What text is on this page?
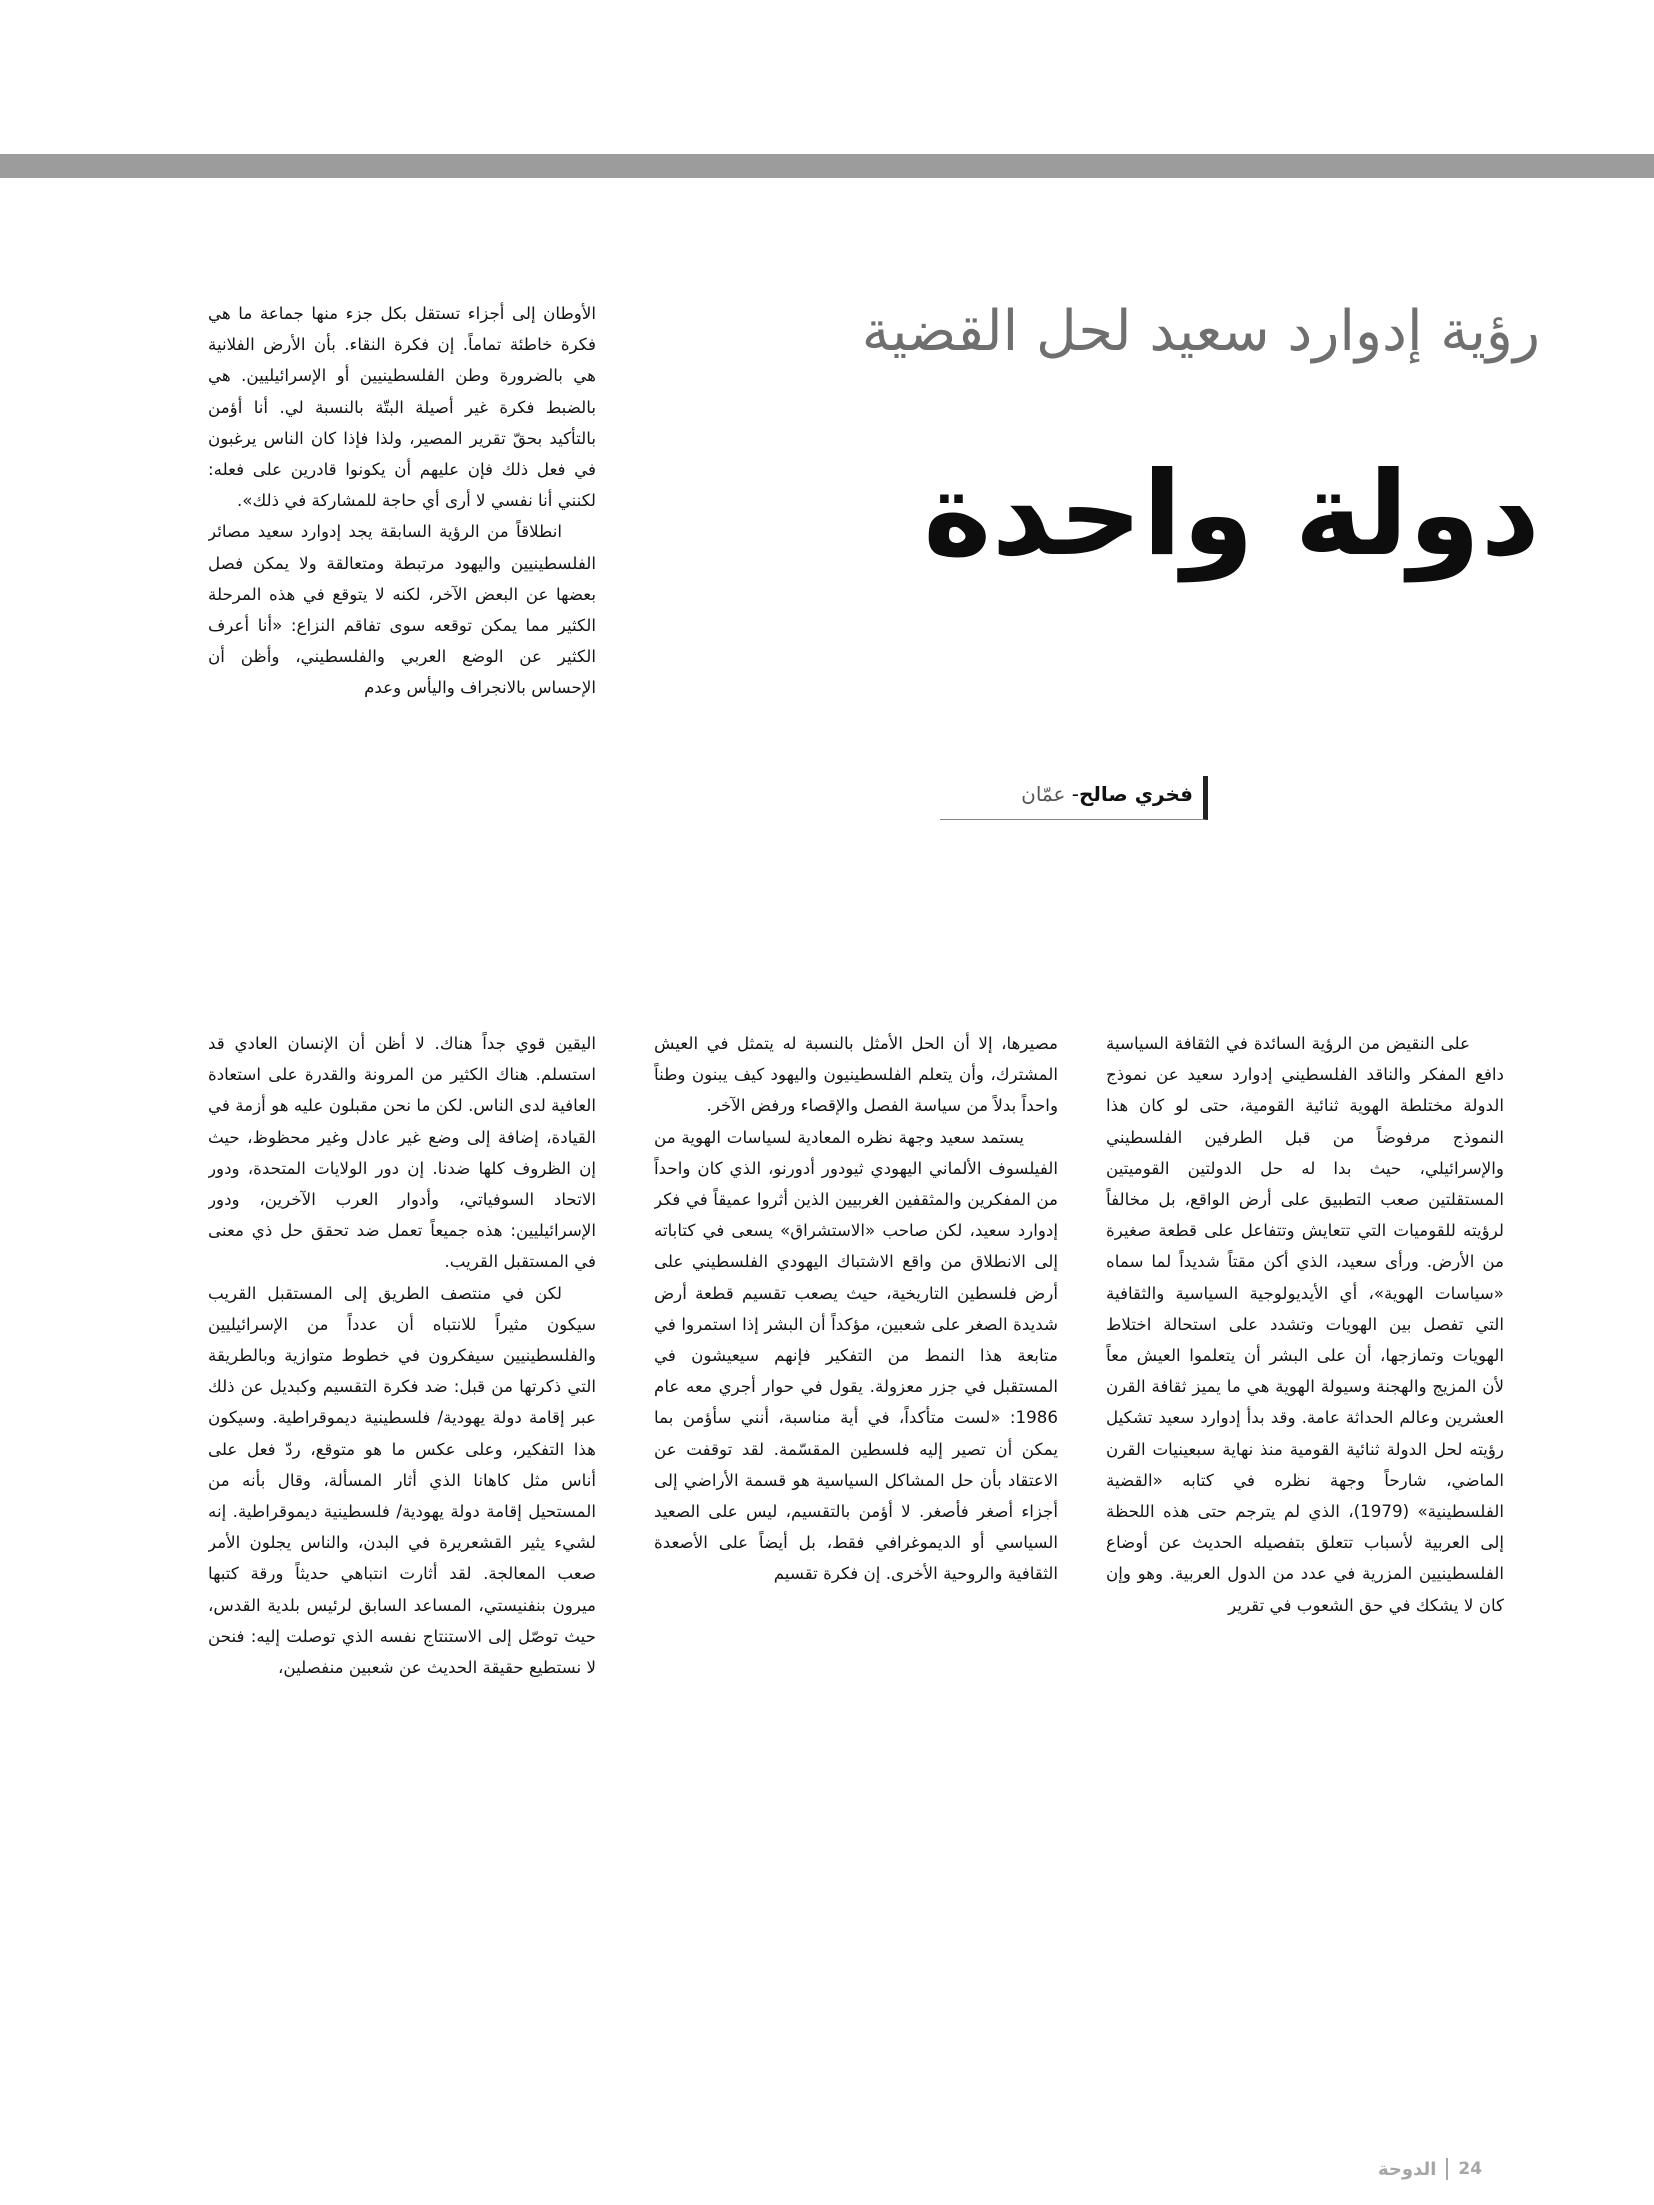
رؤية إدوارد سعيد لحل القضية
دولة واحدة
فخري صالح- عمّان

الأوطان إلى أجزاء تستقل بكل جزء منها جماعة ما هي فكرة خاطئة تماماً. إن فكرة النقاء. بأن الأرض الفلانية هي بالضرورة وطن الفلسطينيين أو الإسرائيليين. هي بالضبط فكرة غير أصيلة البتّة بالنسبة لي. أنا أؤمن بالتأكيد بحقّ تقرير المصير، ولذا فإذا كان الناس يرغبون في فعل ذلك فإن عليهم أن يكونوا قادرين على فعله: لكنني أنا نفسي لا أرى أي حاجة للمشاركة في ذلك».

انطلاقاً من الرؤية السابقة يجد إدوارد سعيد مصائر الفلسطينيين واليهود مرتبطة ومتعالقة ولا يمكن فصل بعضها عن البعض الآخر، لكنه لا يتوقع في هذه المرحلة الكثير مما يمكن توقعه سوى تفاقم النزاع: «أنا أعرف الكثير عن الوضع العربي والفلسطيني، وأظن أن الإحساس بالانجراف واليأس وعدم

اليقين قوي جداً هناك. لا أظن أن الإنسان العادي قد استسلم. هناك الكثير من المرونة والقدرة على استعادة العافية لدى الناس. لكن ما نحن مقبلون عليه هو أزمة في القيادة، إضافة إلى وضع غير عادل وغير محظوظ، حيث إن الظروف كلها ضدنا. إن دور الولايات المتحدة، ودور الاتحاد السوفياتي، وأدوار العرب الآخرين، ودور الإسرائيليين: هذه جميعاً تعمل ضد تحقق حل ذي معنى في المستقبل القريب.

لكن في منتصف الطريق إلى المستقبل القريب سيكون مثيراً للانتباه أن عدداً من الإسرائيليين والفلسطينيين سيفكرون في خطوط متوازية وبالطريقة التي ذكرتها من قبل: ضد فكرة التقسيم وكبديل عن ذلك عبر إقامة دولة يهودية/ فلسطينية ديموقراطية. وسيكون هذا التفكير، وعلى عكس ما هو متوقع، ردّ فعل على أناس مثل كاهانا الذي أثار المسألة، وقال بأنه من المستحيل إقامة دولة يهودية/ فلسطينية ديموقراطية. إنه لشيء يثير القشعريرة في البدن، والناس يجلون الأمر صعب المعالجة. لقد أثارت انتباهي حديثاً ورقة كتبها ميرون بنفنيستي، المساعد السابق لرئيس بلدية القدس، حيث توصّل إلى الاستنتاج نفسه الذي توصلت إليه: فنحن لا نستطيع حقيقة الحديث عن شعبين منفصلين،

مصيرها، إلا أن الحل الأمثل بالنسبة له يتمثل في العيش المشترك، وأن يتعلم الفلسطينيون واليهود كيف يبنون وطناً واحداً بدلاً من سياسة الفصل والإقصاء ورفض الآخر.

يستمد سعيد وجهة نظره المعادية لسياسات الهوية من الفيلسوف الألماني اليهودي ثيودور أدورنو، الذي كان واحداً من المفكرين والمثقفين الغربيين الذين أثروا عميقاً في فكر إدوارد سعيد، لكن صاحب «الاستشراق» يسعى في كتاباته إلى الانطلاق من واقع الاشتباك اليهودي الفلسطيني على أرض فلسطين التاريخية، حيث يصعب تقسيم قطعة أرض شديدة الصغر على شعبين، مؤكداً أن البشر إذا استمروا في متابعة هذا النمط من التفكير فإنهم سيعيشون في المستقبل في جزر معزولة. يقول في حوار أجري معه عام 1986: «لست متأكداً، في أية مناسبة، أنني سأؤمن بما يمكن أن تصير إليه فلسطين المقسّمة. لقد توقفت عن الاعتقاد بأن حل المشاكل السياسية هو قسمة الأراضي إلى أجزاء أصغر فأصغر. لا أؤمن بالتقسيم، ليس على الصعيد السياسي أو الديموغرافي فقط، بل أيضاً على الأصعدة الثقافية والروحية الأخرى. إن فكرة تقسيم

على النقيض من الرؤية السائدة في الثقافة السياسية دافع المفكر والناقد الفلسطيني إدوارد سعيد عن نموذج الدولة مختلطة الهوية ثنائية القومية، حتى لو كان هذا النموذج مرفوضاً من قبل الطرفين الفلسطيني والإسرائيلي، حيث بدا له حل الدولتين القوميتين المستقلتين صعب التطبيق على أرض الواقع، بل مخالفاً لرؤيته للقوميات التي تتعايش وتتفاعل على قطعة صغيرة من الأرض. ورأى سعيد، الذي أكن مقتاً شديداً لما سماه «سياسات الهوية»، أي الأيديولوجية السياسية والثقافية التي تفصل بين الهويات وتشدد على استحالة اختلاط الهويات وتمازجها، أن على البشر أن يتعلموا العيش معاً لأن المزيج والهجنة وسيولة الهوية هي ما يميز ثقافة القرن العشرين وعالم الحداثة عامة. وقد بدأ إدوارد سعيد تشكيل رؤيته لحل الدولة ثنائية القومية منذ نهاية سبعينيات القرن الماضي، شارحاً وجهة نظره في كتابه «القضية الفلسطينية» (1979)، الذي لم يترجم حتى هذه اللحظة إلى العربية لأسباب تتعلق بتفصيله الحديث عن أوضاع الفلسطينيين المزرية في عدد من الدول العربية. وهو وإن كان لا يشكك في حق الشعوب في تقرير

الدوحة 24
